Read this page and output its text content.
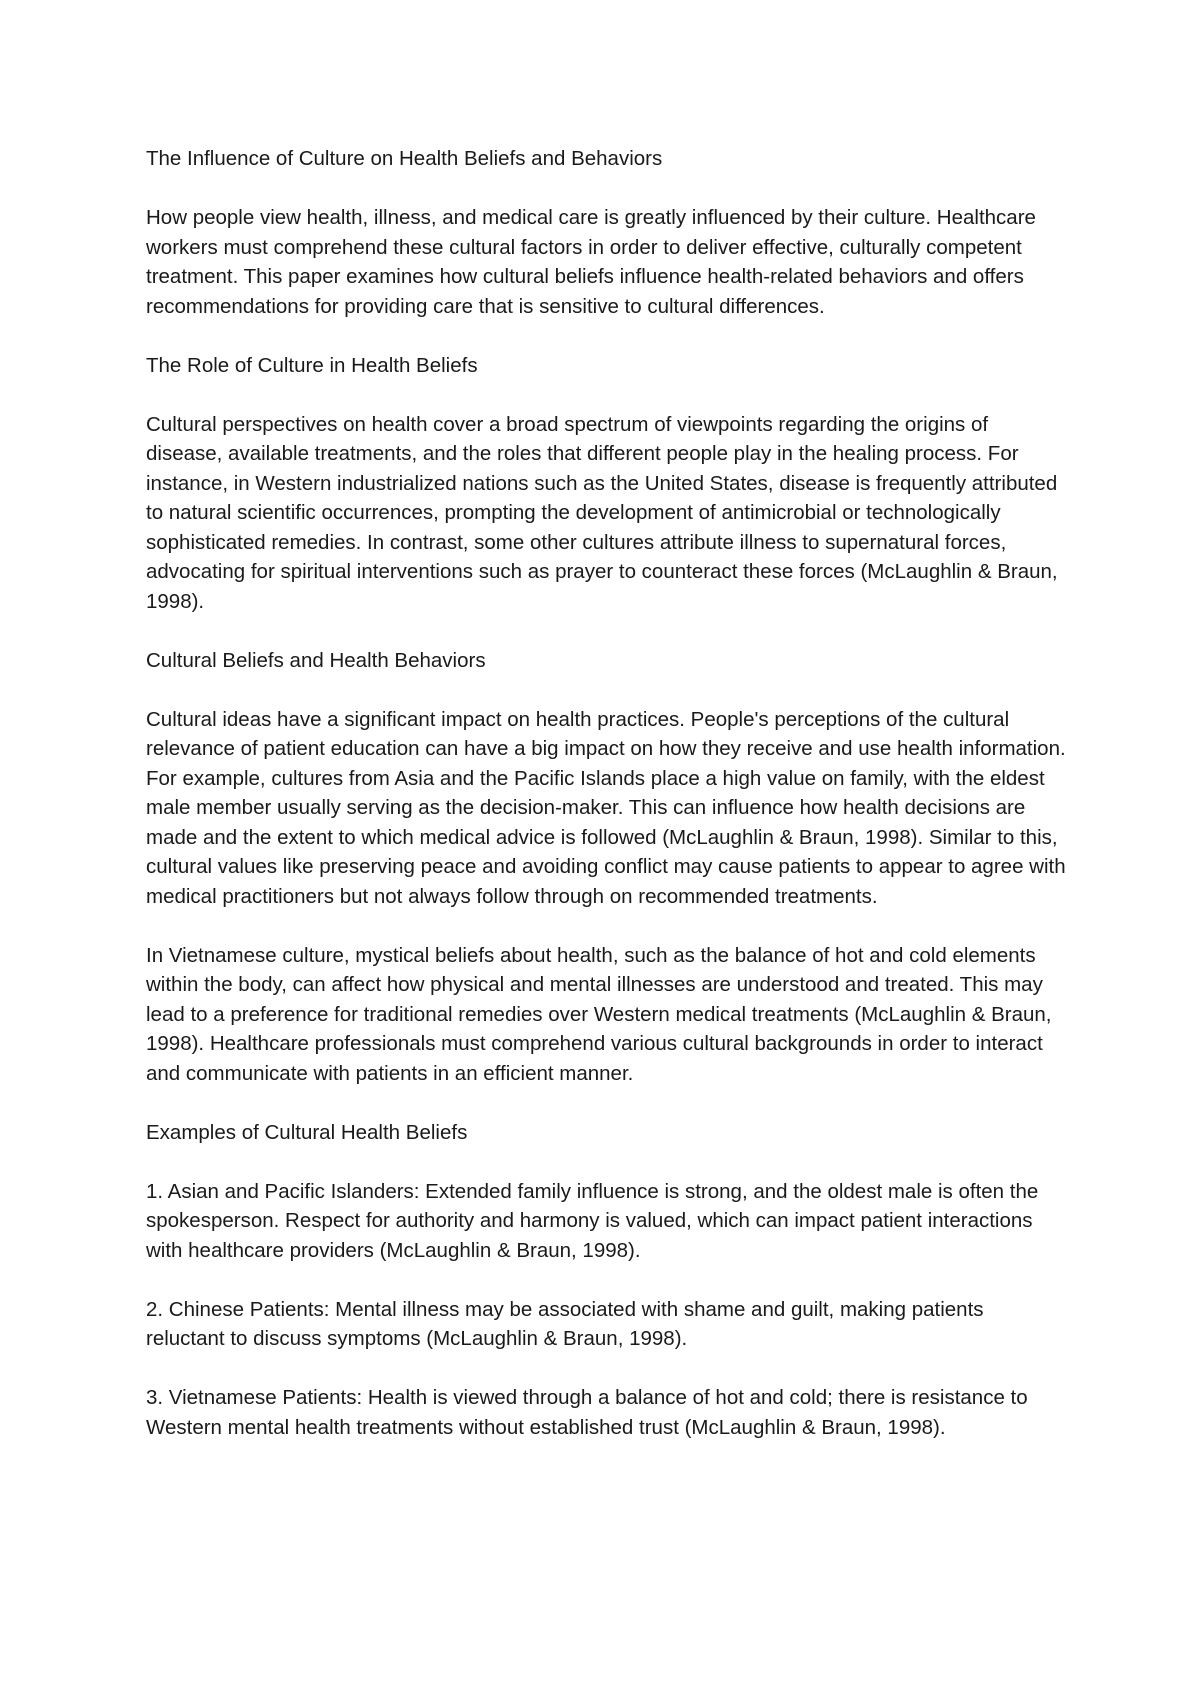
The Influence of Culture on Health Beliefs and Behaviors

How people view health, illness, and medical care is greatly influenced by their culture. Healthcare workers must comprehend these cultural factors in order to deliver effective, culturally competent treatment. This paper examines how cultural beliefs influence health-related behaviors and offers recommendations for providing care that is sensitive to cultural differences.

The Role of Culture in Health Beliefs

Cultural perspectives on health cover a broad spectrum of viewpoints regarding the origins of disease, available treatments, and the roles that different people play in the healing process. For instance, in Western industrialized nations such as the United States, disease is frequently attributed to natural scientific occurrences, prompting the development of antimicrobial or technologically sophisticated remedies. In contrast, some other cultures attribute illness to supernatural forces, advocating for spiritual interventions such as prayer to counteract these forces (McLaughlin & Braun, 1998).

Cultural Beliefs and Health Behaviors

Cultural ideas have a significant impact on health practices. People's perceptions of the cultural relevance of patient education can have a big impact on how they receive and use health information. For example, cultures from Asia and the Pacific Islands place a high value on family, with the eldest male member usually serving as the decision-maker. This can influence how health decisions are made and the extent to which medical advice is followed (McLaughlin & Braun, 1998). Similar to this, cultural values like preserving peace and avoiding conflict may cause patients to appear to agree with medical practitioners but not always follow through on recommended treatments.

In Vietnamese culture, mystical beliefs about health, such as the balance of hot and cold elements within the body, can affect how physical and mental illnesses are understood and treated. This may lead to a preference for traditional remedies over Western medical treatments (McLaughlin & Braun, 1998). Healthcare professionals must comprehend various cultural backgrounds in order to interact and communicate with patients in an efficient manner.

Examples of Cultural Health Beliefs

1. Asian and Pacific Islanders: Extended family influence is strong, and the oldest male is often the spokesperson. Respect for authority and harmony is valued, which can impact patient interactions with healthcare providers (McLaughlin & Braun, 1998).

2. Chinese Patients: Mental illness may be associated with shame and guilt, making patients reluctant to discuss symptoms (McLaughlin & Braun, 1998).

3. Vietnamese Patients: Health is viewed through a balance of hot and cold; there is resistance to Western mental health treatments without established trust (McLaughlin & Braun, 1998).
